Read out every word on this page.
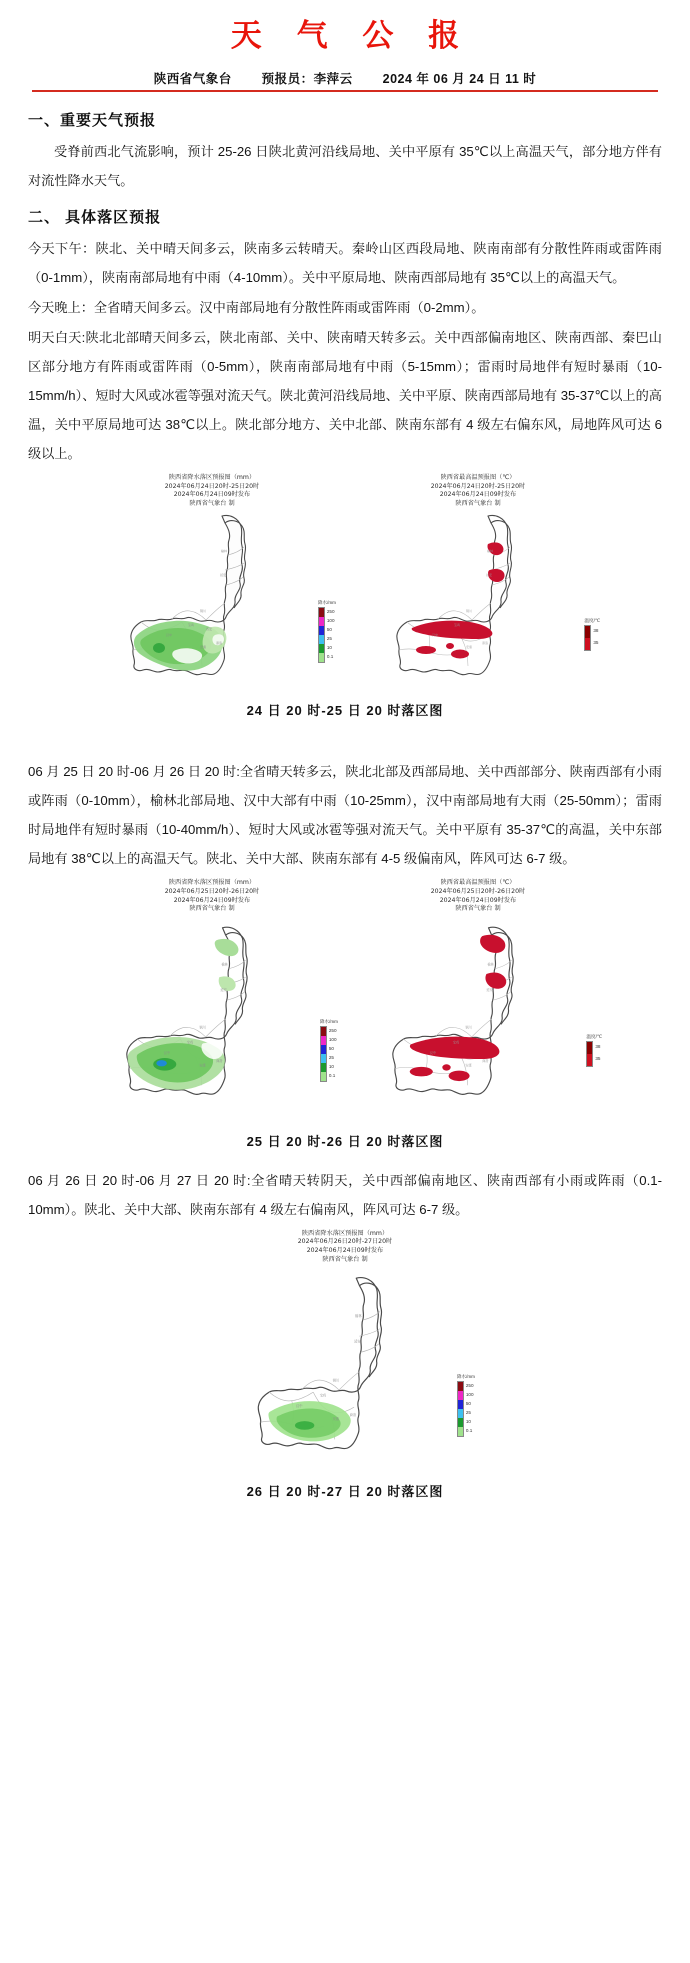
天 气 公 报
陕西省气象台 预报员：李萍云 2024 年 06 月 24 日 11 时
一、重要天气预报

受脊前西北气流影响，预计 25-26 日陕北黄河沿线局地、关中平原有 35℃以上高温天气，部分地方伴有对流性降水天气。

二、 具体落区预报

今天下午：陕北、关中晴天间多云，陕南多云转晴天。秦岭山区西段局地、陕南南部有分散性阵雨或雷阵雨（0-1mm），陕南南部局地有中雨（4-10mm）。关中平原局地、陕南西部局地有 35℃以上的高温天气。

今天晚上：全省晴天间多云。汉中南部局地有分散性阵雨或雷阵雨（0-2mm）。

明天白天:陕北北部晴天间多云，陕北南部、关中、陕南晴天转多云。关中西部偏南地区、陕南西部、秦巴山区部分地方有阵雨或雷阵雨（0-5mm），陕南南部局地有中雨（5-15mm）；雷雨时局地伴有短时暴雨（10-15mm/h）、短时大风或冰雹等强对流天气。陕北黄河沿线局地、关中平原、陕南西部局地有 35-37℃以上的高温，关中平原局地可达 38℃以上。陕北部分地方、关中北部、陕南东部有 4 级左右偏东风，局地阵风可达 6 级以上。

陕西省降水落区预报图（mm）
2024年06月24日20时-25日20时
2024年06月24日09时发布
陕西省气象台 制
榆林
延安
铜川
宝鸡
汉中
西安
安康
商洛
降水/mm
250
100
50
25
10
0.1
陕西省最高温预报图（℃）
2024年06月24日20时-25日20时
2024年06月24日09时发布
陕西省气象台 制
榆林
延安
铜川
宝鸡
汉中
安康
商洛
温度/℃
38
35
24 日 20 时-25 日 20 时落区图

06 月 25 日 20 时-06 月 26 日 20 时:全省晴天转多云，陕北北部及西部局地、关中西部部分、陕南西部有小雨或阵雨（0-10mm），榆林北部局地、汉中大部有中雨（10-25mm），汉中南部局地有大雨（25-50mm）；雷雨时局地伴有短时暴雨（10-40mm/h）、短时大风或冰雹等强对流天气。关中平原有 35-37℃的高温，关中东部局地有 38℃以上的高温天气。陕北、关中大部、陕南东部有 4-5 级偏南风，阵风可达 6-7 级。

陕西省降水落区预报图（mm）
2024年06月25日20时-26日20时
2024年06月24日09时发布
陕西省气象台 制
榆林
延安
铜川
宝鸡
汉中
安康
商洛
降水/mm
250
100
50
25
10
0.1
陕西省最高温预报图（℃）
2024年06月25日20时-26日20时
2024年06月24日09时发布
陕西省气象台 制
榆林
延安
铜川
宝鸡
汉中
安康
商洛
温度/℃
38
35
25 日 20 时-26 日 20 时落区图

06 月 26 日 20 时-06 月 27 日 20 时:全省晴天转阴天，关中西部偏南地区、陕南西部有小雨或阵雨（0.1-10mm）。陕北、关中大部、陕南东部有 4 级左右偏南风，阵风可达 6-7 级。

陕西省降水落区预报图（mm）
2024年06月26日20时-27日20时
2024年06月24日09时发布
陕西省气象台 制
榆林
延安
铜川
宝鸡
汉中
安康
商洛
降水/mm
250
100
50
25
10
0.1
26 日 20 时-27 日 20 时落区图
